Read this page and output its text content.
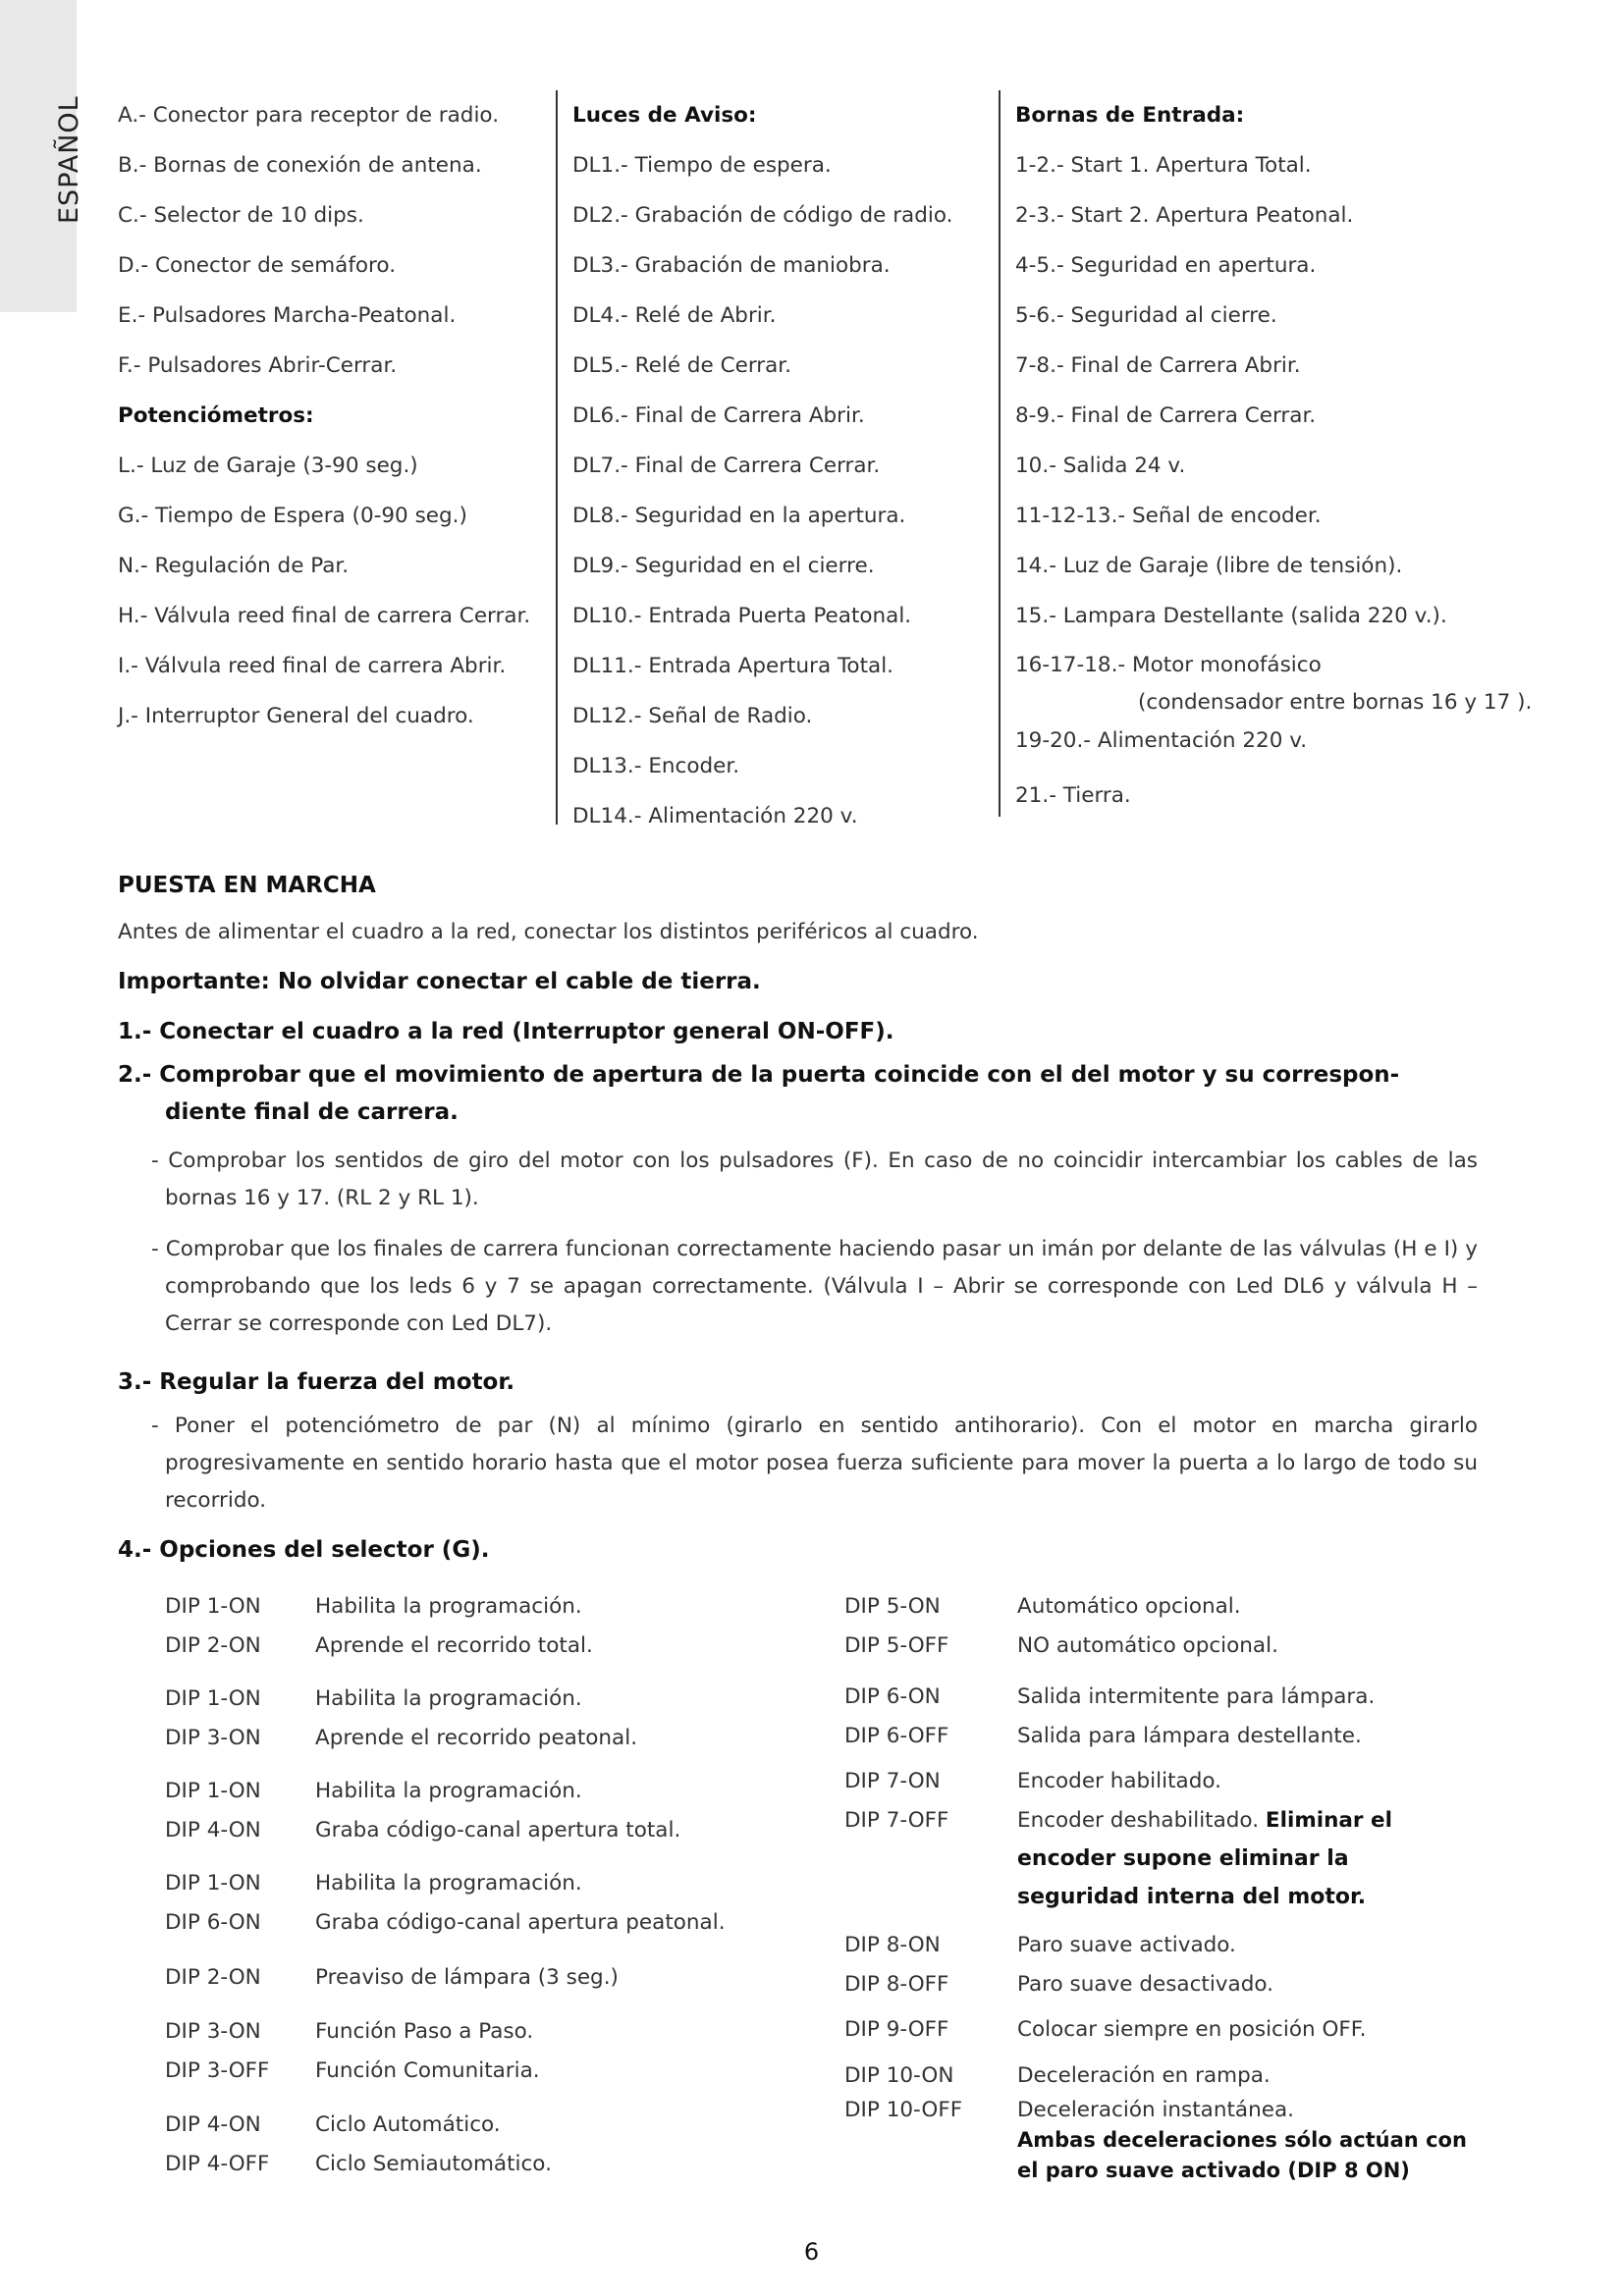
ESPAÑOL A.- Conector para receptor de radio.
B.- Bornas de conexión de antena.
C.- Selector de 10 dips.
D.- Conector de semáforo.
E.- Pulsadores Marcha-Peatonal.
F.- Pulsadores Abrir-Cerrar.
Potenciómetros:
L.- Luz de Garaje (3-90 seg.)
G.- Tiempo de Espera (0-90 seg.)
N.- Regulación de Par.
H.- Válvula reed final de carrera Cerrar.
I.- Válvula reed final de carrera Abrir.
J.- Interruptor General del cuadro.
Luces de Aviso:
DL1.- Tiempo de espera.
DL2.- Grabación de código de radio.
DL3.- Grabación de maniobra.
DL4.- Relé de Abrir.
DL5.- Relé de Cerrar.
DL6.- Final de Carrera Abrir.
DL7.- Final de Carrera Cerrar.
DL8.- Seguridad en la apertura.
DL9.- Seguridad en el cierre.
DL10.- Entrada Puerta Peatonal.
DL11.- Entrada Apertura Total.
DL12.- Señal de Radio.
DL13.- Encoder.
DL14.- Alimentación 220 v.
Bornas de Entrada:
1-2.- Start 1. Apertura Total.
2-3.- Start 2. Apertura Peatonal.
4-5.- Seguridad en apertura.
5-6.- Seguridad al cierre.
7-8.- Final de Carrera Abrir.
8-9.- Final de Carrera Cerrar.
10.- Salida 24 v.
11-12-13.- Señal de encoder.
14.- Luz de Garaje (libre de tensión).
15.- Lampara Destellante (salida 220 v.).
16-17-18.- Motor monofásico
(condensador entre bornas 16 y 17 ).
19-20.- Alimentación 220 v.
21.- Tierra.
PUESTA EN MARCHA
Antes de alimentar el cuadro a la red, conectar los distintos periféricos al cuadro.
Importante: No olvidar conectar el cable de tierra.
1.- Conectar el cuadro a la red (Interruptor general ON-OFF).
2.- Comprobar que el movimiento de apertura de la puerta coincide con el del motor y su correspon-
diente final de carrera.
- Comprobar los sentidos de giro del motor con los pulsadores (F). En caso de no coincidir intercambiar los cables de las bornas 16 y 17. (RL 2 y RL 1).
- Comprobar que los finales de carrera funcionan correctamente haciendo pasar un imán por delante de las válvulas (H e I) y comprobando que los leds 6 y 7 se apagan correctamente. (Válvula I – Abrir se corresponde con Led DL6 y válvula H – Cerrar se corresponde con Led DL7).
3.- Regular la fuerza del motor.
- Poner el potenciómetro de par (N) al mínimo (girarlo en sentido antihorario). Con el motor en marcha girarlo progresivamente en sentido horario hasta que el motor posea fuerza suficiente para mover la puerta a lo largo de todo su recorrido.
4.- Opciones del selector (G).
DIP 1-ON	Habilita la programación.
DIP 2-ON	Aprende el recorrido total.
DIP 1-ON	Habilita la programación.
DIP 3-ON	Aprende el recorrido peatonal.
DIP 1-ON	Habilita la programación.
DIP 4-ON	Graba código-canal apertura total.
DIP 1-ON	Habilita la programación.
DIP 6-ON	Graba código-canal apertura peatonal.
DIP 2-ON	Preaviso de lámpara (3 seg.)
DIP 3-ON	Función Paso a Paso.
DIP 3-OFF Función Comunitaria.
DIP 4-ON	Ciclo Automático.
DIP 4-OFF Ciclo Semiautomático.
DIP 5-ON	Automático opcional.
DIP 5-OFF	NO automático opcional.
DIP 6-ON	Salida intermitente para lámpara.
DIP 6-OFF	Salida para lámpara destellante.
DIP 7-ON	Encoder habilitado.
DIP 7-OFF	Encoder deshabilitado. Eliminar el
encoder supone eliminar la
seguridad interna del motor.
DIP 8-ON	Paro suave activado.
DIP 8-OFF	Paro suave desactivado.
DIP 9-OFF	Colocar siempre en posición OFF.
DIP 10-ON	Deceleración en rampa.
DIP 10-OFF	Deceleración instantánea.
Ambas deceleraciones sólo actúan con
el paro suave activado (DIP 8 ON)
6
